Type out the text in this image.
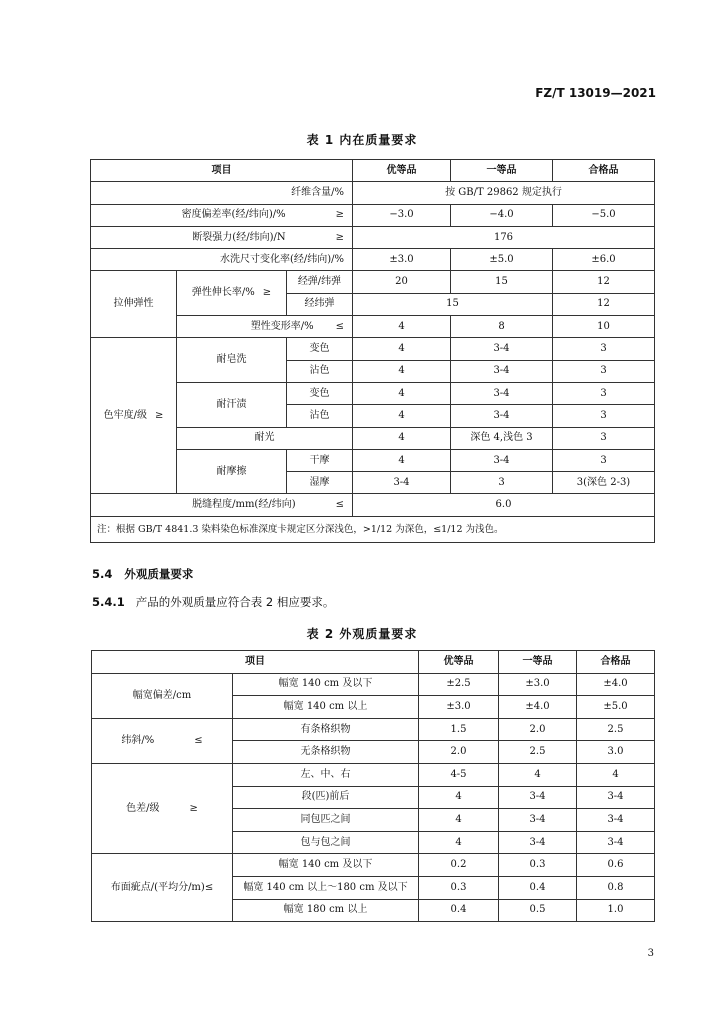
FZ/T 13019—2021
表 1 内在质量要求
项目			优等品	一等品	合格品
纤维含量/%			按 GB/T 29862 规定执行		
密度偏差率(经/纬向)/% ≥			−3.0	−4.0	−5.0
断裂强力(经/纬向)/N ≥			176		
水洗尺寸变化率(经/纬向)/%			±3.0	±5.0	±6.0
拉伸弹性	弹性伸长率/% ≥	经弹/纬弹	20	15	12
		经纬弹	15		12
	塑性变形率/% ≤		4	8	10
色牢度/级 ≥	耐皂洗	变色	4	3-4	3
		沾色	4	3-4	3
	耐汗渍	变色	4	3-4	3
		沾色	4	3-4	3
	耐光		4	深色 4,浅色 3	3
	耐摩擦	干摩	4	3-4	3
		湿摩	3-4	3	3(深色 2-3)
脱缝程度/mm(经/纬向) ≤			6.0		
注：根据 GB/T 4841.3 染料染色标准深度卡规定区分深浅色，>1/12 为深色，≤1/12 为浅色。					
5.4 外观质量要求
5.4.1 产品的外观质量应符合表 2 相应要求。
表 2 外观质量要求
项目		优等品	一等品	合格品
幅宽偏差/cm	幅宽 140 cm 及以下	±2.5	±3.0	±4.0
	幅宽 140 cm 以上	±3.0	±4.0	±5.0
纬斜/% ≤	有条格织物	1.5	2.0	2.5
	无条格织物	2.0	2.5	3.0
色差/级 ≥	左、中、右	4-5	4	4
	段(匹)前后	4	3-4	3-4
	同包匹之间	4	3-4	3-4
	包与包之间	4	3-4	3-4
布面疵点/(平均分/m)≤	幅宽 140 cm 及以下	0.2	0.3	0.6
	幅宽 140 cm 以上～180 cm 及以下	0.3	0.4	0.8
	幅宽 180 cm 以上	0.4	0.5	1.0
3
